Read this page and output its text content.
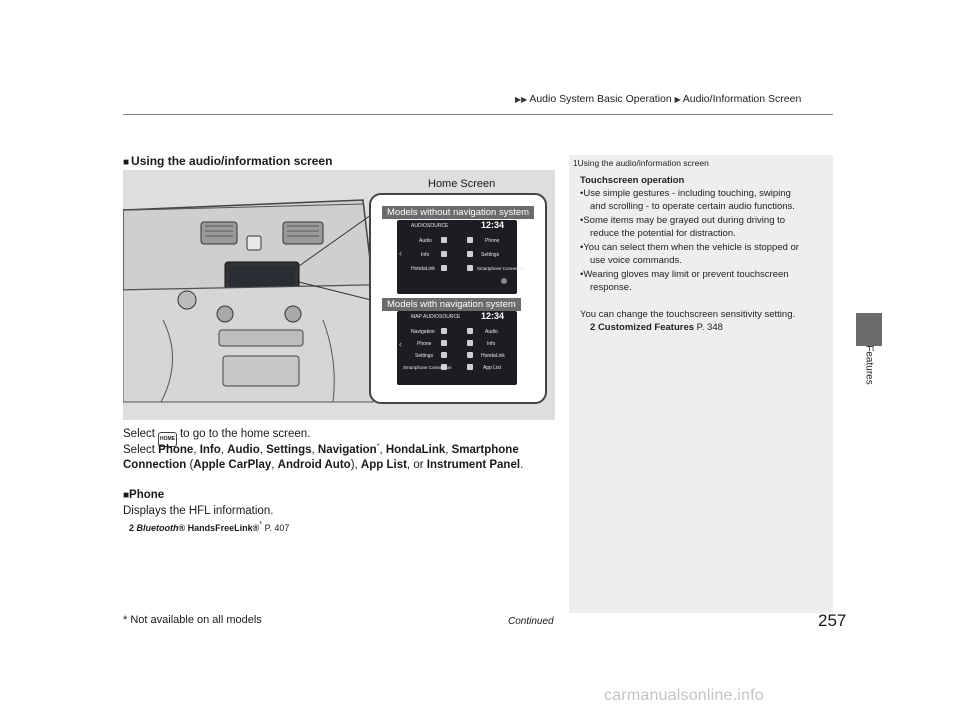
▶▶ Audio System Basic Operation ▶ Audio/Information Screen
Features
■ Using the audio/information screen
Home Screen
Models without navigation system
Models with navigation system
AUDIO SOURCE	12:34
‹
Audio
Info
HondaLink
Phone
Settings
Smartphone Connection
MAP AUDIO SOURCE 12:34
‹
Navigation
Phone
Settings
Smartphone Connection
Audio
Info
HondaLink
App List
Select HOME to go to the home screen.
Select Phone, Info, Audio, Settings, Navigation*, HondaLink, Smartphone
Connection (Apple CarPlay, Android Auto), App List, or Instrument Panel.
■Phone
Displays the HFL information.
2 Bluetooth® HandsFreeLink®* P. 407
1Using the audio/information screen
Touchscreen operation
•Use simple gestures - including touching, swiping
and scrolling - to operate certain audio functions.
•Some items may be grayed out during driving to
reduce the potential for distraction.
•You can select them when the vehicle is stopped or
use voice commands.
•Wearing gloves may limit or prevent touchscreen
response.
You can change the touchscreen sensitivity setting.
2 Customized Features P. 348
* Not available on all models	Continued	257
carmanualsonline.info
